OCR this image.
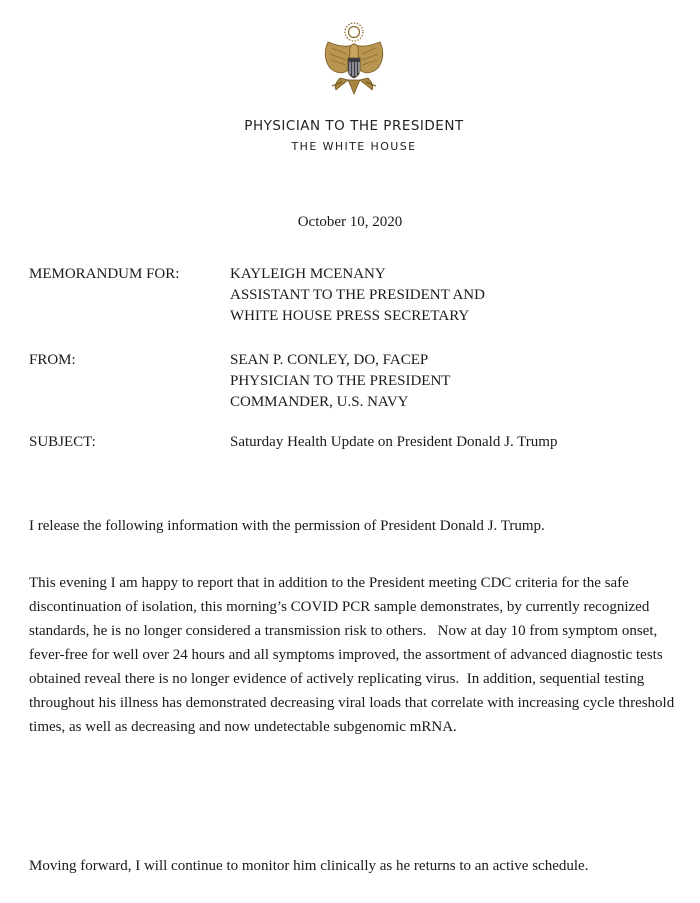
PHYSICIAN TO THE PRESIDENT
THE WHITE HOUSE
October 10, 2020
MEMORANDUM FOR:	KAYLEIGH MCENANY
ASSISTANT TO THE PRESIDENT AND
WHITE HOUSE PRESS SECRETARY
FROM:	SEAN P. CONLEY, DO, FACEP
PHYSICIAN TO THE PRESIDENT
COMMANDER, U.S. NAVY
SUBJECT:	Saturday Health Update on President Donald J. Trump
I release the following information with the permission of President Donald J. Trump.
This evening I am happy to report that in addition to the President meeting CDC criteria for the safe discontinuation of isolation, this morning’s COVID PCR sample demonstrates, by currently recognized standards, he is no longer considered a transmission risk to others.   Now at day 10 from symptom onset, fever-free for well over 24 hours and all symptoms improved, the assortment of advanced diagnostic tests obtained reveal there is no longer evidence of actively replicating virus.  In addition, sequential testing throughout his illness has demonstrated decreasing viral loads that correlate with increasing cycle threshold times, as well as decreasing and now undetectable subgenomic mRNA.
Moving forward, I will continue to monitor him clinically as he returns to an active schedule.
